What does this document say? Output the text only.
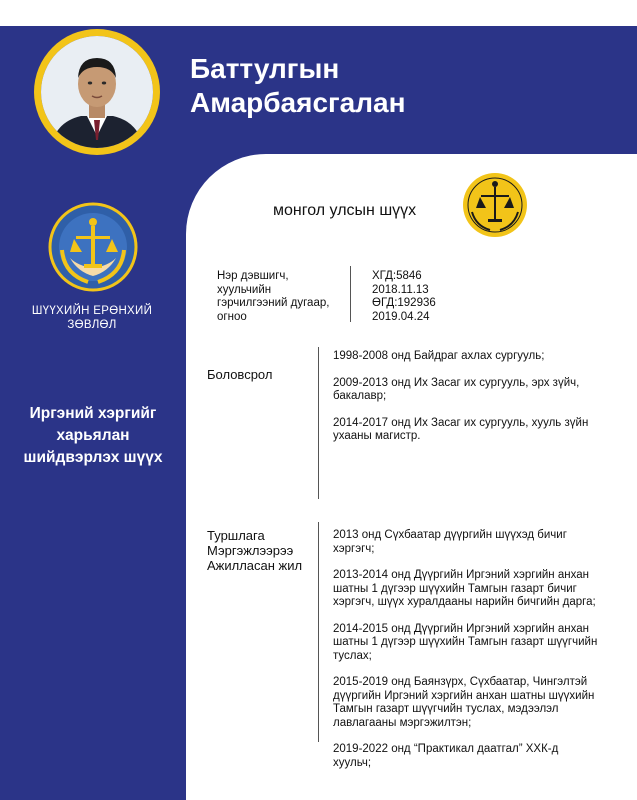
Баттулгын
Амарбаясгалан
ШҮҮХИЙН ЕРӨНХИЙ
ЗӨВЛӨЛ
Иргэний хэргийг
харьялан
шийдвэрлэх шүүх
монгол улсын шүүх
Нэр дэвшигч,
хуульчийн
гэрчилгээний дугаар,
огноо
ХГД:5846
2018.11.13
ӨГД:192936
2019.04.24
Боловсрол

1998-2008 онд Байдраг ахлах сургууль;

2009-2013 онд Их Засаг их сургууль, эрх зүйч, бакалавр;

2014-2017 онд Их Засаг их сургууль, хууль зүйн ухааны магистр.

Туршлага
Мэргэжлээрээ
Ажилласан жил

2013 онд Сүхбаатар дүүргийн шүүхэд бичиг хэргэгч;

2013-2014 онд Дүүргийн Иргэний хэргийн анхан шатны 1 дүгээр шүүхийн Тамгын газарт бичиг хэргэгч, шүүх хуралдааны нарийн бичгийн дарга;

2014-2015 онд Дүүргийн Иргэний хэргийн анхан шатны 1 дүгээр шүүхийн Тамгын газарт шүүгчийн туслах;

2015-2019 онд Баянзүрх, Сүхбаатар, Чингэлтэй дүүргийн Иргэний хэргийн анхан шатны шүүхийн Тамгын газарт шүүгчийн туслах, мэдээлэл лавлагааны мэргэжилтэн;

2019-2022 онд “Практикал даатгал” ХХК-д хуульч;
